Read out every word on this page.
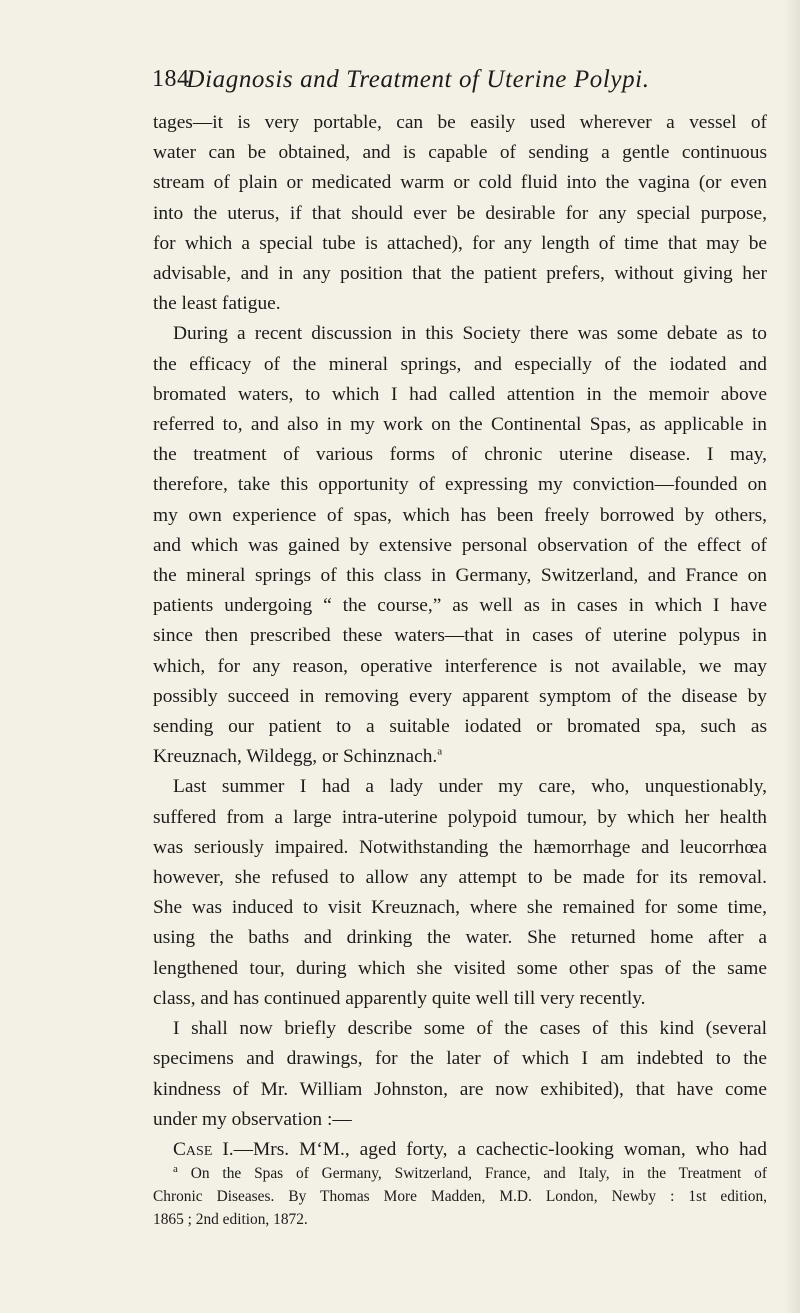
184
Diagnosis and Treatment of Uterine Polypi.
tages—it is very portable, can be easily used wherever a vessel of
water can be obtained, and is capable of sending a gentle continuous
stream of plain or medicated warm or cold fluid into the vagina (or even
into the uterus, if that should ever be desirable for any special purpose,
for which a special tube is attached), for any length of time that may be
advisable, and in any position that the patient prefers, without giving her
the least fatigue.
During a recent discussion in this Society there was some debate as to
the efficacy of the mineral springs, and especially of the iodated and
bromated waters, to which I had called attention in the memoir above
referred to, and also in my work on the Continental Spas, as applicable in
the treatment of various forms of chronic uterine disease. I may,
therefore, take this opportunity of expressing my conviction—founded on
my own experience of spas, which has been freely borrowed by others,
and which was gained by extensive personal observation of the effect of
the mineral springs of this class in Germany, Switzerland, and France on
patients undergoing “ the course,” as well as in cases in which I have
since then prescribed these waters—that in cases of uterine polypus in
which, for any reason, operative interference is not available, we may
possibly succeed in removing every apparent symptom of the disease by
sending our patient to a suitable iodated or bromated spa, such as
Kreuznach, Wildegg, or Schinznach.$^a$
Last summer I had a lady under my care, who, unquestionably,
suffered from a large intra-uterine polypoid tumour, by which her health
was seriously impaired. Notwithstanding the hæmorrhage and leucorrhœa
however, she refused to allow any attempt to be made for its removal.
She was induced to visit Kreuznach, where she remained for some time,
using the baths and drinking the water. She returned home after a
lengthened tour, during which she visited some other spas of the same
class, and has continued apparently quite well till very recently.
I shall now briefly describe some of the cases of this kind (several
specimens and drawings, for the later of which I am indebted to the
kindness of Mr. William Johnston, are now exhibited), that have come
under my observation :—
Case I.—Mrs. M‘M., aged forty, a cachectic-looking woman, who had
$^a$ On the Spas of Germany, Switzerland, France, and Italy, in the Treatment of
Chronic Diseases. By Thomas More Madden, M.D. London, Newby : 1st edition,
1865 ; 2nd edition, 1872.
